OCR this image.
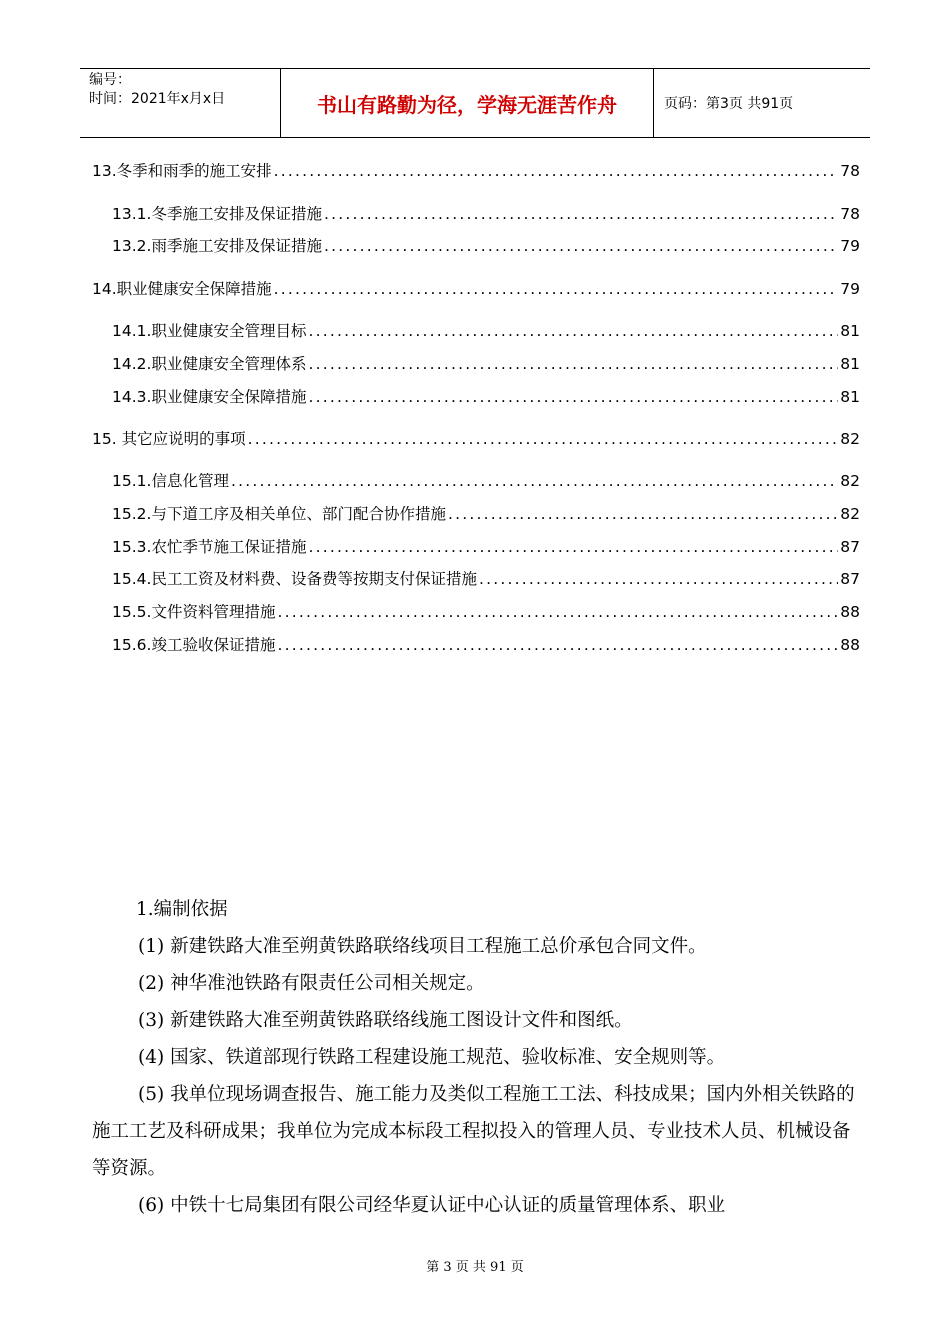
编号：
时间：2021年x月x日	书山有路勤为径，学海无涯苦作舟	页码：第3页 共91页
13.冬季和雨季的施工安排 .....	78
13.1.冬季施工安排及保证措施 .....	78
13.2.雨季施工安排及保证措施 .....	79
14.职业健康安全保障措施 .....	79
14.1.职业健康安全管理目标 .....	81
14.2.职业健康安全管理体系 .....	81
14.3.职业健康安全保障措施 .....	81
15. 其它应说明的事项 .....	82
15.1.信息化管理 .....	82
15.2.与下道工序及相关单位、部门配合协作措施 .....	82
15.3.农忙季节施工保证措施 .....	87
15.4.民工工资及材料费、设备费等按期支付保证措施 .....	87
15.5.文件资料管理措施 .....	88
15.6.竣工验收保证措施 .....	88

1.编制依据

(1) 新建铁路大准至朔黄铁路联络线项目工程施工总价承包合同文件。

(2) 神华准池铁路有限责任公司相关规定。

(3) 新建铁路大准至朔黄铁路联络线施工图设计文件和图纸。

(4) 国家、铁道部现行铁路工程建设施工规范、验收标准、安全规则等。

(5) 我单位现场调查报告、施工能力及类似工程施工工法、科技成果；国内外相关铁路的施工工艺及科研成果；我单位为完成本标段工程拟投入的管理人员、专业技术人员、机械设备等资源。

(6) 中铁十七局集团有限公司经华夏认证中心认证的质量管理体系、职业

第 3 页 共 91 页
